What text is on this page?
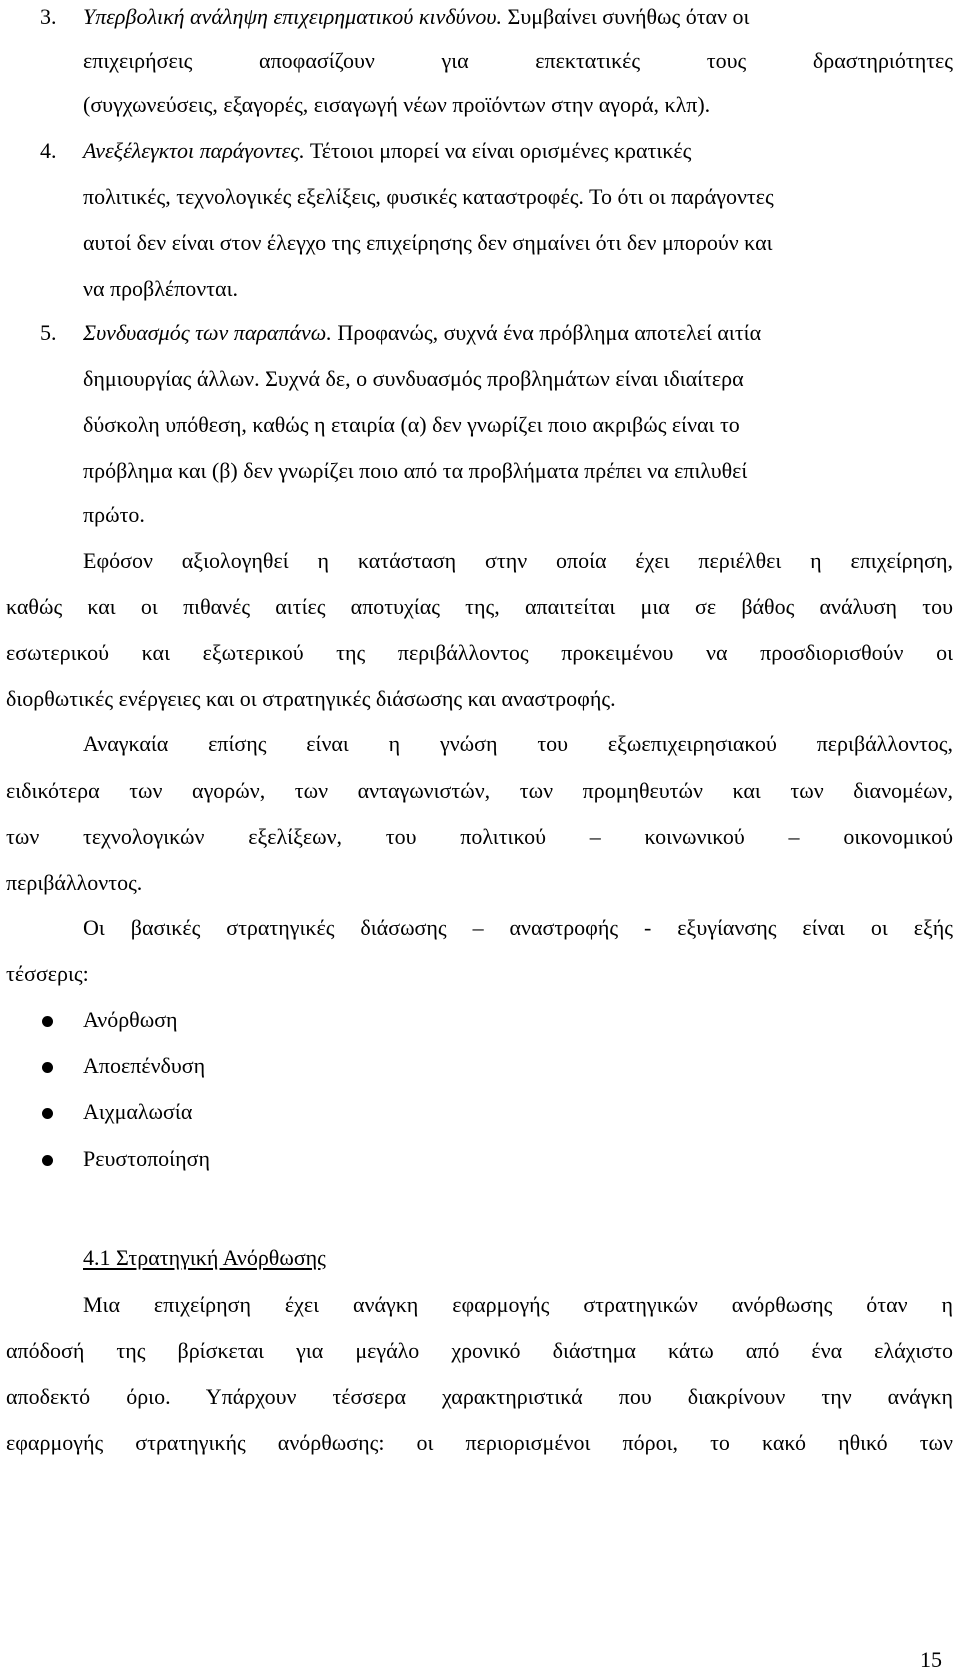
3. Υπερβολική ανάληψη επιχειρηματικού κινδύνου. Συμβαίνει συνήθως όταν οι
επιχειρήσεις αποφασίζουν για επεκτατικές τους δραστηριότητες
(συγχωνεύσεις, εξαγορές, εισαγωγή νέων προϊόντων στην αγορά, κλπ).
4. Ανεξέλεγκτοι παράγοντες. Τέτοιοι μπορεί να είναι ορισμένες κρατικές
πολιτικές, τεχνολογικές εξελίξεις, φυσικές καταστροφές. Το ότι οι παράγοντες
αυτοί δεν είναι στον έλεγχο της επιχείρησης δεν σημαίνει ότι δεν μπορούν και
να προβλέπονται.
5. Συνδυασμός των παραπάνω. Προφανώς, συχνά ένα πρόβλημα αποτελεί αιτία
δημιουργίας άλλων. Συχνά δε, ο συνδυασμός προβλημάτων είναι ιδιαίτερα
δύσκολη υπόθεση, καθώς η εταιρία (α) δεν γνωρίζει ποιο ακριβώς είναι το
πρόβλημα και (β) δεν γνωρίζει ποιο από τα προβλήματα πρέπει να επιλυθεί
πρώτο.
Εφόσον αξιολογηθεί η κατάσταση στην οποία έχει περιέλθει η επιχείρηση,
καθώς και οι πιθανές αιτίες αποτυχίας της, απαιτείται μια σε βάθος ανάλυση του
εσωτερικού και εξωτερικού της περιβάλλοντος προκειμένου να προσδιορισθούν οι
διορθωτικές ενέργειες και οι στρατηγικές διάσωσης και αναστροφής.
Αναγκαία επίσης είναι η γνώση του εξωεπιχειρησιακού περιβάλλοντος,
ειδικότερα των αγορών, των ανταγωνιστών, των προμηθευτών και των διανομέων,
των τεχνολογικών εξελίξεων, του πολιτικού – κοινωνικού – οικονομικού
περιβάλλοντος.
Οι βασικές στρατηγικές διάσωσης – αναστροφής - εξυγίανσης είναι οι εξής
τέσσερις:
Ανόρθωση
Αποεπένδυση
Αιχμαλωσία
Ρευστοποίηση
4.1 Στρατηγική Ανόρθωσης
Μια επιχείρηση έχει ανάγκη εφαρμογής στρατηγικών ανόρθωσης όταν η
απόδοσή της βρίσκεται για μεγάλο χρονικό διάστημα κάτω από ένα ελάχιστο
αποδεκτό όριο. Υπάρχουν τέσσερα χαρακτηριστικά που διακρίνουν την ανάγκη
εφαρμογής στρατηγικής ανόρθωσης: οι περιορισμένοι πόροι, το κακό ηθικό των
15
